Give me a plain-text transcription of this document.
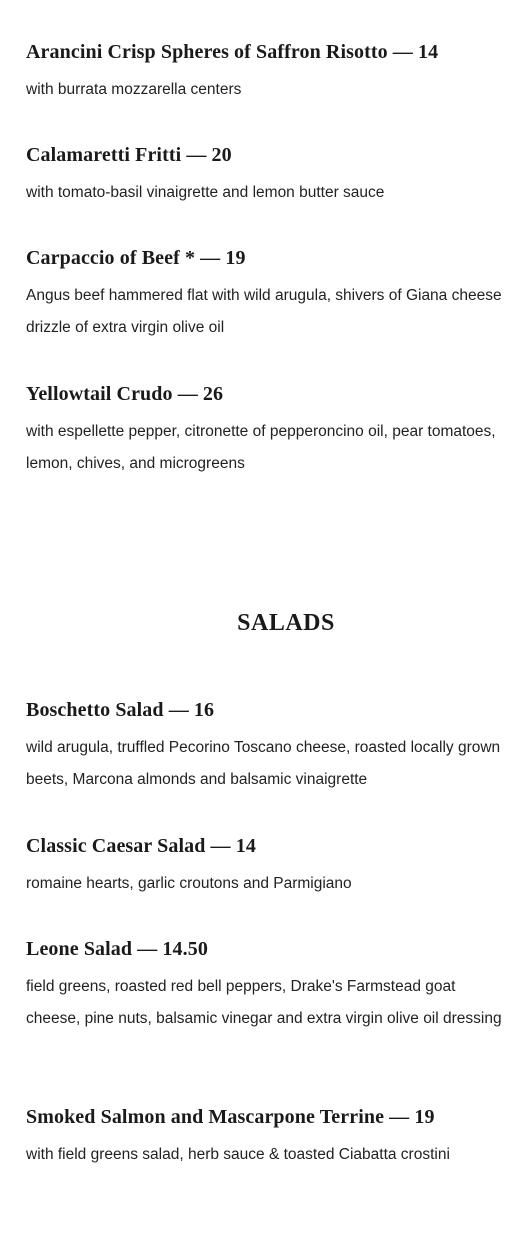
Arancini Crisp Spheres of Saffron Risotto — 14

with burrata mozzarella centers

Calamaretti Fritti — 20

with tomato-basil vinaigrette and lemon butter sauce

Carpaccio of Beef * — 19

Angus beef hammered flat with wild arugula, shivers of Giana cheese drizzle of extra virgin olive oil

Yellowtail Crudo — 26

with espellette pepper, citronette of pepperoncino oil, pear tomatoes, lemon, chives, and microgreens

SALADS
Boschetto Salad — 16

wild arugula, truffled Pecorino Toscano cheese, roasted locally grown beets, Marcona almonds and balsamic vinaigrette

Classic Caesar Salad — 14

romaine hearts, garlic croutons and Parmigiano

Leone Salad — 14.50

field greens, roasted red bell peppers, Drake's Farmstead goat cheese, pine nuts, balsamic vinegar and extra virgin olive oil dressing

Smoked Salmon and Mascarpone Terrine — 19

with field greens salad, herb sauce & toasted Ciabatta crostini
